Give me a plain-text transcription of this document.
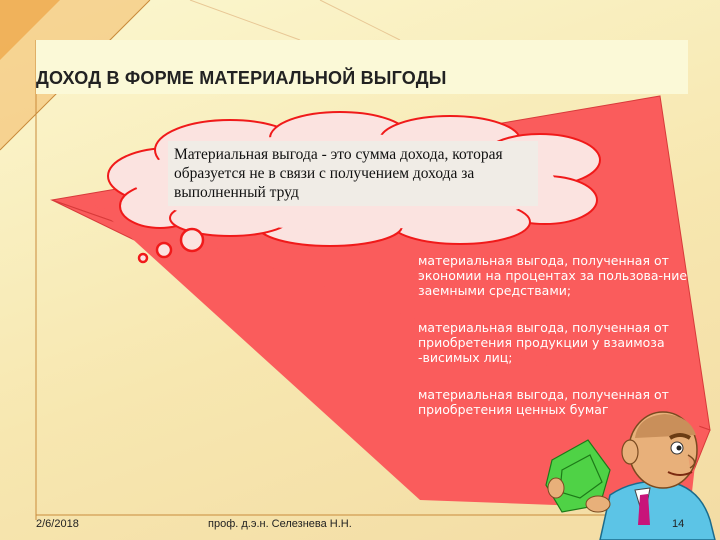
ДОХОД В ФОРМЕ МАТЕРИАЛЬНОЙ ВЫГОДЫ
Материальная выгода - это сумма дохода, которая образуется не в связи с получением дохода за выполненный труд
материальная выгода, полученная от экономии на процентах за пользова-ние заемными средствами;
материальная выгода, полученная от приобретения продукции у взаимоза -висимых лиц;
материальная выгода, полученная от приобретения ценных бумаг
2/6/2018	проф. д.э.н. Селезнева Н.Н.	14
